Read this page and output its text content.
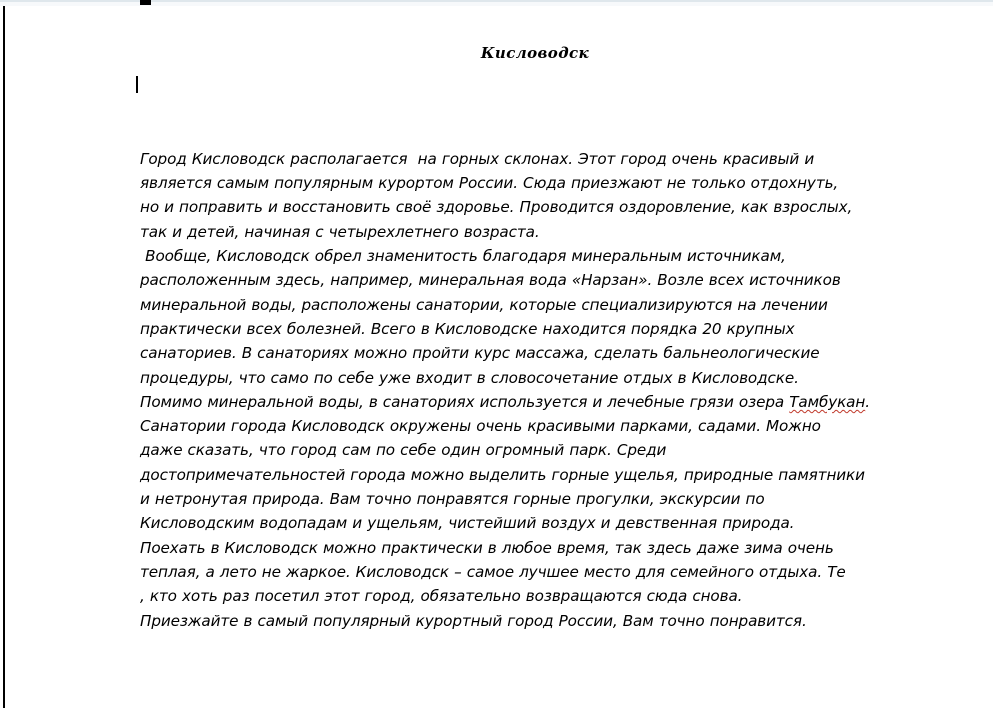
Кисловодск

Город Кисловодск располагается  на горных склонах. Этот город очень красивый и
является самым популярным курортом России. Сюда приезжают не только отдохнуть,
но и поправить и восстановить своё здоровье. Проводится оздоровление, как взрослых,
так и детей, начиная с четырехлетнего возраста.
Вообще, Кисловодск обрел знаменитость благодаря минеральным источникам,
расположенным здесь, например, минеральная вода «Нарзан». Возле всех источников
минеральной воды, расположены санатории, которые специализируются на лечении
практически всех болезней. Всего в Кисловодске находится порядка 20 крупных
санаториев. В санаториях можно пройти курс массажа, сделать бальнеологические
процедуры, что само по себе уже входит в словосочетание отдых в Кисловодске.
Помимо минеральной воды, в санаториях используется и лечебные грязи озера Тамбукан.
Санатории города Кисловодск окружены очень красивыми парками, садами. Можно
даже сказать, что город сам по себе один огромный парк. Среди
достопримечательностей города можно выделить горные ущелья, природные памятники
и нетронутая природа. Вам точно понравятся горные прогулки, экскурсии по
Кисловодским водопадам и ущельям, чистейший воздух и девственная природа.
Поехать в Кисловодск можно практически в любое время, так здесь даже зима очень
теплая, а лето не жаркое. Кисловодск – самое лучшее место для семейного отдыха. Те
, кто хоть раз посетил этот город, обязательно возвращаются сюда снова.
Приезжайте в самый популярный курортный город России, Вам точно понравится.
